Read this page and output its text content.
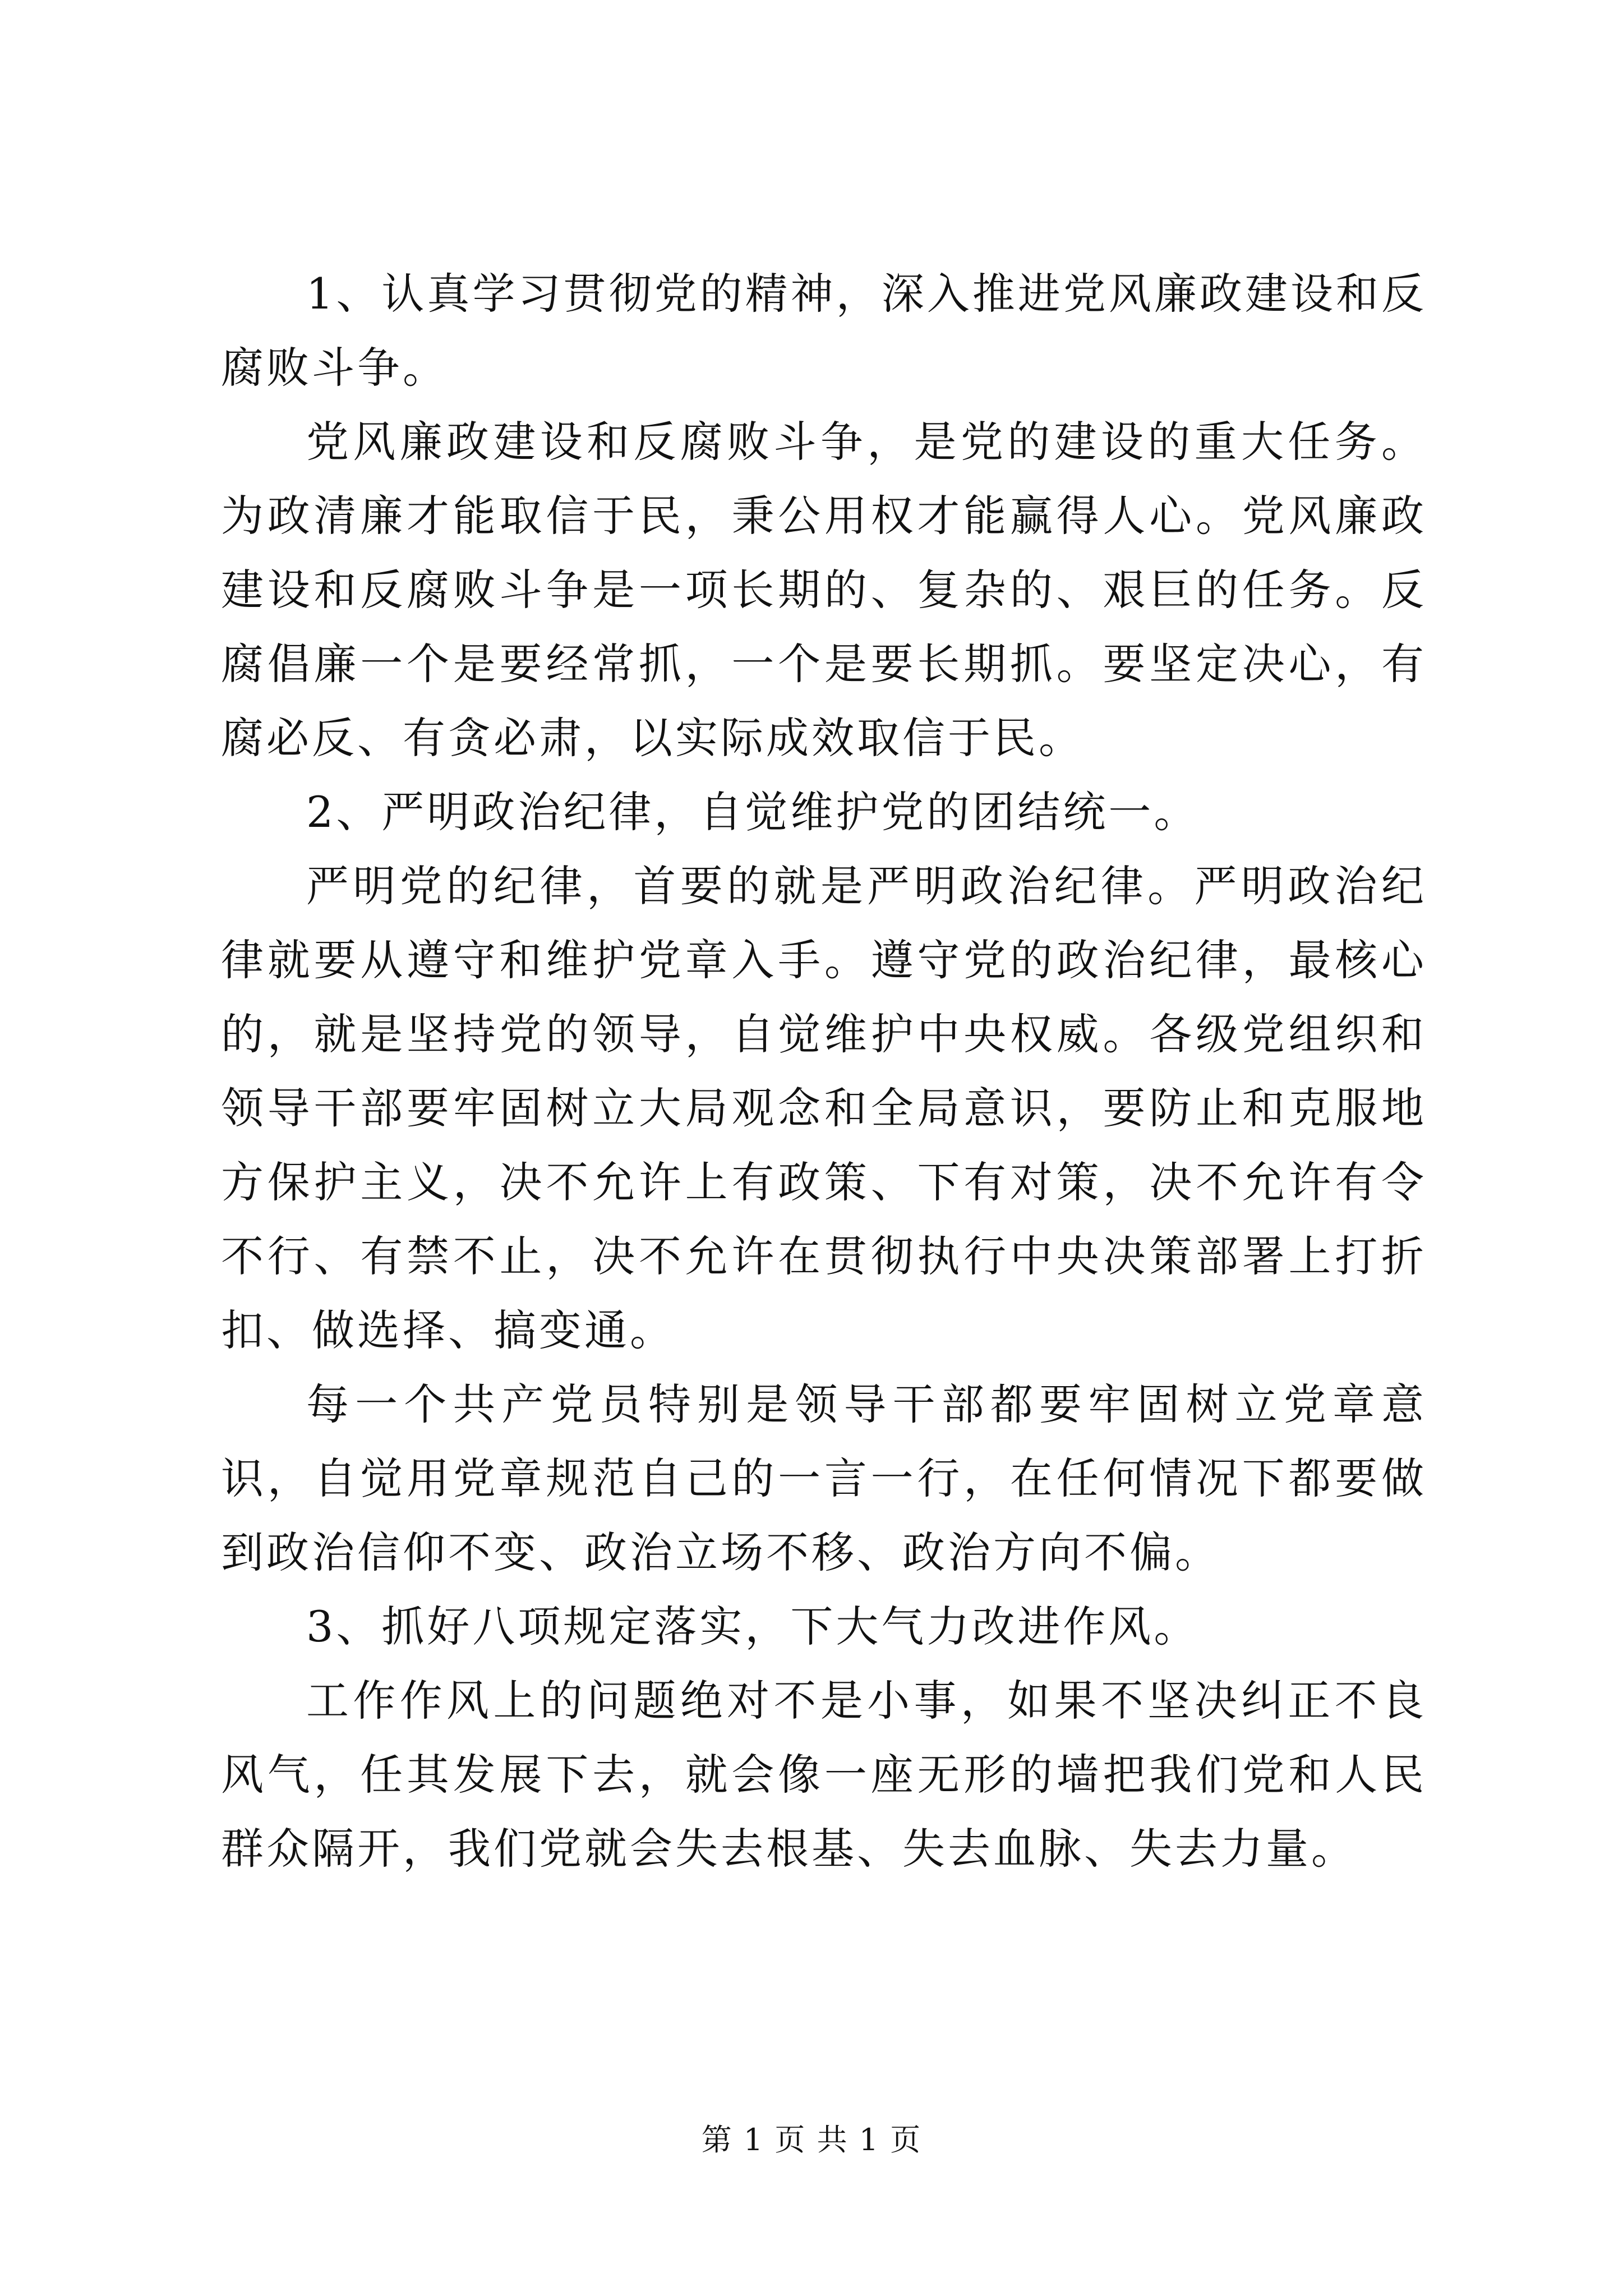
1、认真学习贯彻党的精神，深入推进党风廉政建设和反腐败斗争。

党风廉政建设和反腐败斗争，是党的建设的重大任务。为政清廉才能取信于民，秉公用权才能赢得人心。党风廉政建设和反腐败斗争是一项长期的、复杂的、艰巨的任务。反腐倡廉一个是要经常抓，一个是要长期抓。要坚定决心，有腐必反、有贪必肃，以实际成效取信于民。

2、严明政治纪律，自觉维护党的团结统一。

严明党的纪律，首要的就是严明政治纪律。严明政治纪律就要从遵守和维护党章入手。遵守党的政治纪律，最核心的，就是坚持党的领导，自觉维护中央权威。各级党组织和领导干部要牢固树立大局观念和全局意识，要防止和克服地方保护主义，决不允许上有政策、下有对策，决不允许有令不行、有禁不止，决不允许在贯彻执行中央决策部署上打折扣、做选择、搞变通。

每一个共产党员特别是领导干部都要牢固树立党章意识，自觉用党章规范自己的一言一行，在任何情况下都要做到政治信仰不变、政治立场不移、政治方向不偏。

3、抓好八项规定落实，下大气力改进作风。

工作作风上的问题绝对不是小事，如果不坚决纠正不良风气，任其发展下去，就会像一座无形的墙把我们党和人民群众隔开，我们党就会失去根基、失去血脉、失去力量。

第 1 页 共 1 页
